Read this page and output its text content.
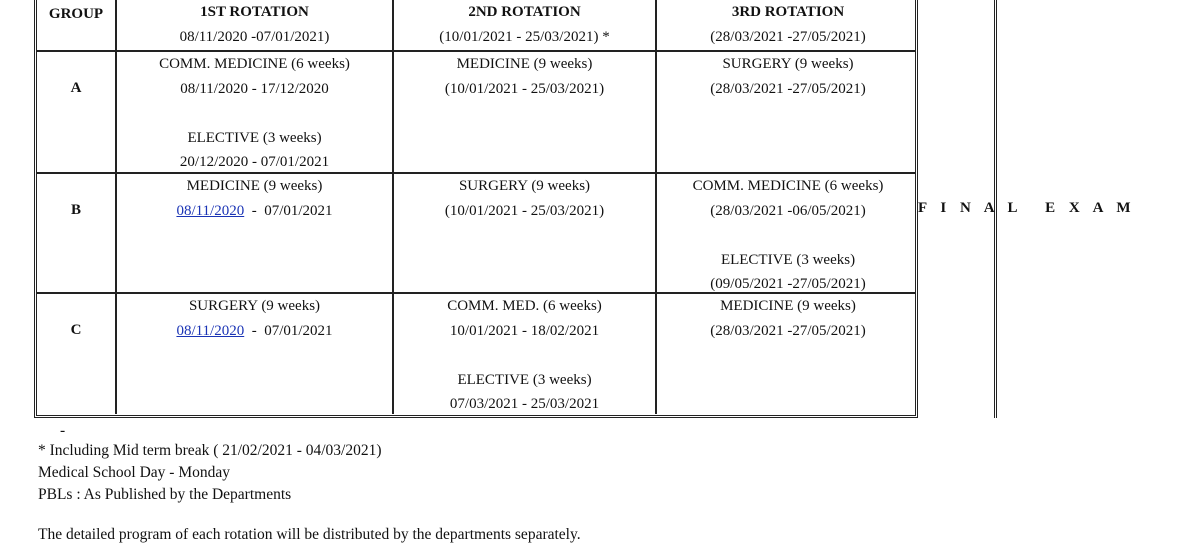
GROUP	1ST ROTATION
08/11/2020 -07/01/2021)
2ND ROTATION
(10/01/2021 - 25/03/2021) *
3RD ROTATION
(28/03/2021 -27/05/2021)
A
COMM. MEDICINE (6 weeks)
08/11/2020 - 17/12/2020
ELECTIVE (3 weeks)
20/12/2020 - 07/01/2021
MEDICINE (9 weeks)
(10/01/2021 - 25/03/2021)
SURGERY (9 weeks)
(28/03/2021 -27/05/2021)
B
MEDICINE (9 weeks)
08/11/2020  -  07/01/2021
SURGERY (9 weeks)
(10/01/2021 - 25/03/2021)
COMM. MEDICINE (6 weeks)
(28/03/2021 -06/05/2021)
ELECTIVE (3 weeks)
(09/05/2021 -27/05/2021)
C
SURGERY (9 weeks)
08/11/2020  -  07/01/2021
COMM. MED. (6 weeks)
10/01/2021 - 18/02/2021
ELECTIVE (3 weeks)
07/03/2021 - 25/03/2021
MEDICINE (9 weeks)
(28/03/2021 -27/05/2021)
F I N A L E X A M
-
* Including Mid term break ( 21/02/2021 - 04/03/2021)
Medical School Day - Monday
PBLs : As Published by the Departments
The detailed program of each rotation will be distributed by the departments separately.
